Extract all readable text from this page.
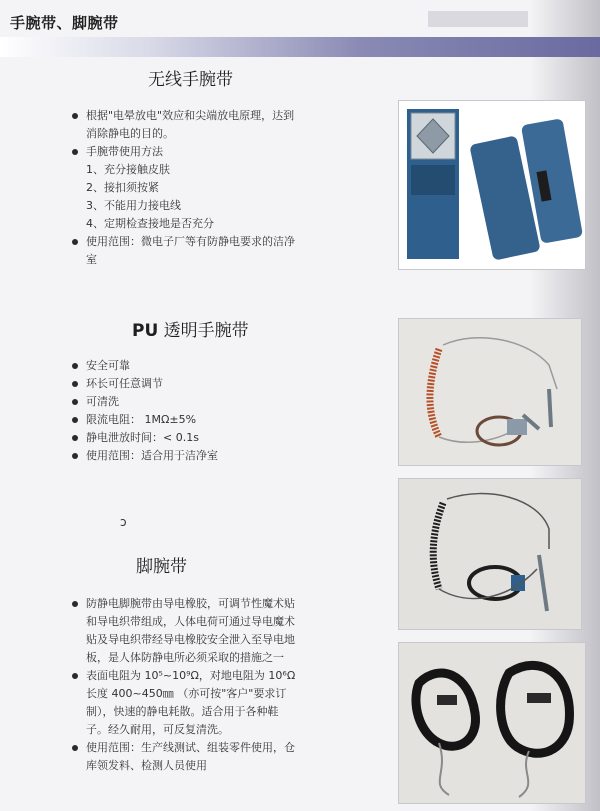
手腕带、脚腕带
无线手腕带
根据"电晕放电"效应和尖端放电原理，达到
消除静电的目的。
手腕带使用方法
1、充分接触皮肤
2、接扣须按紧
3、不能用力接电线
4、定期检查接地是否充分
使用范围：微电子厂等有防静电要求的洁净
室
PU 透明手腕带
安全可靠
环长可任意调节
可清洗
限流电阻： 1MΩ±5%
静电泄放时间：< 0.1s
使用范围：适合用于洁净室
ɔ
脚腕带
防静电脚腕带由导电橡胶，可调节性魔术贴
和导电织带组成，人体电荷可通过导电魔术
贴及导电织带经导电橡胶安全泄入至导电地
板，是人体防静电所必须采取的措施之一
表面电阻为 10⁵~10⁹Ω，对地电阻为 10⁶Ω
长度 400~450㎜ （亦可按"客户"要求订
制），快速的静电耗散。适合用于各种鞋
子。经久耐用，可反复清洗。
使用范围：生产线测试、组装零件使用，仓
库领发料、检测人员使用
